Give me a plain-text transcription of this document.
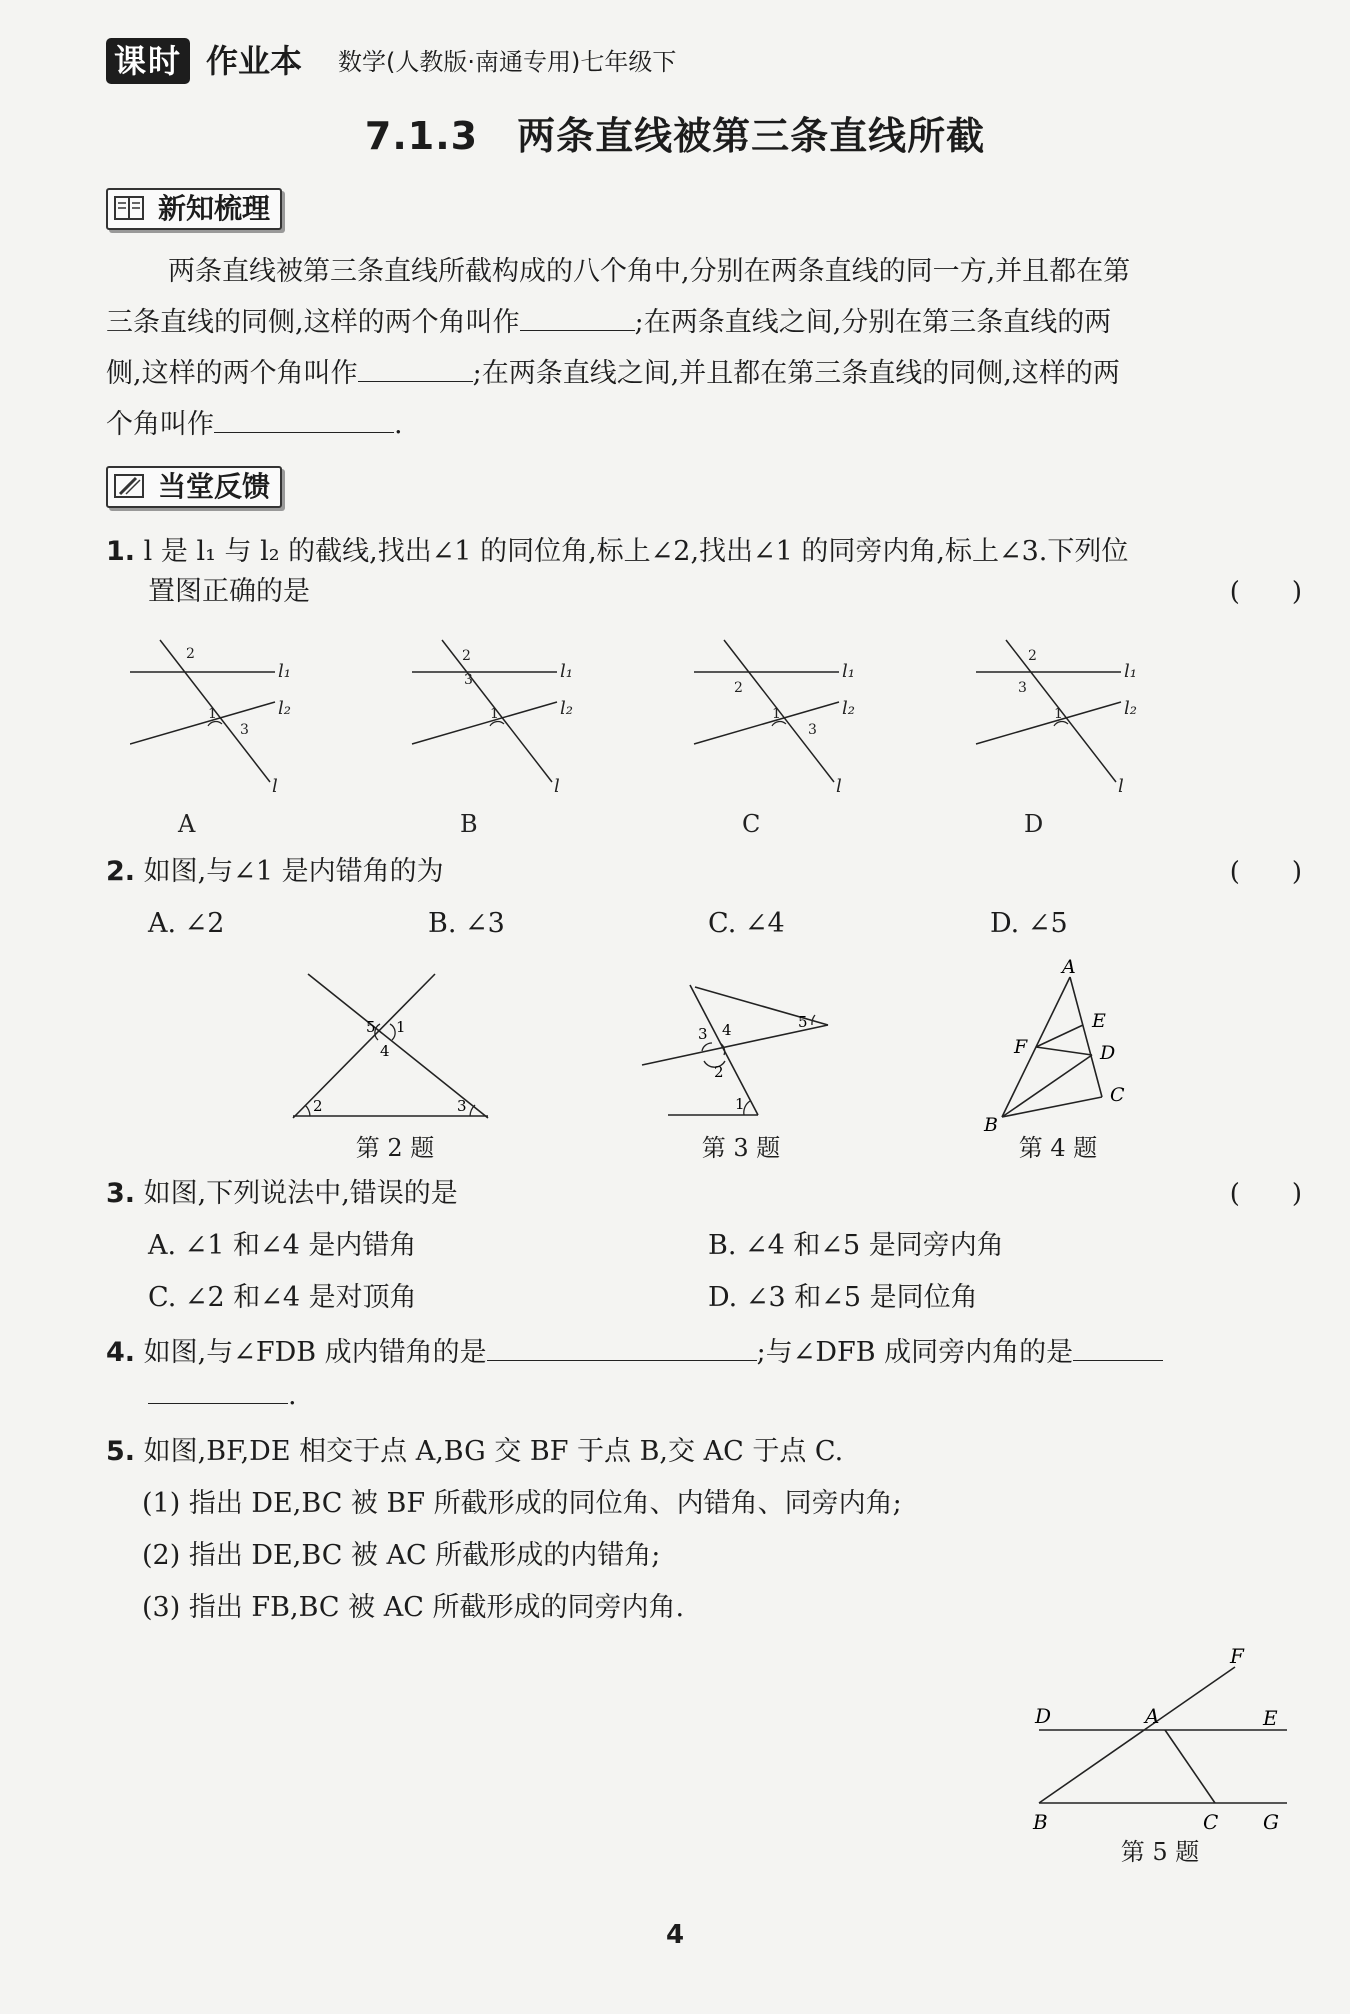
课时 作业本 数学(人教版·南通专用)七年级下
7.1.3　两条直线被第三条直线所截
新知梳理
两条直线被第三条直线所截构成的八个角中,分别在两条直线的同一方,并且都在第
三条直线的同侧,这样的两个角叫作	;在两条直线之间,分别在第三条直线的两
侧,这样的两个角叫作	;在两条直线之间,并且都在第三条直线的同侧,这样的两
个角叫作	.
当堂反馈
1. l 是 l₁ 与 l₂ 的截线,找出∠1 的同位角,标上∠2,找出∠1 的同旁内角,标上∠3.下列位
置图正确的是	(　　)
l₁
l₂
l
1
2
3
A
l₁
l₂
l
1
2
3
B
l₁
l₂
l
1
2
3
C
l₁
l₂
l
1
2
3
D
2. 如图,与∠1 是内错角的为	(　　)
A. ∠2	B. ∠3	C. ∠4	D. ∠5
5 1
4
2	3
第 2 题
3 4	5
2
1
第 3 题
A
E
F	D
C
B
第 4 题
3. 如图,下列说法中,错误的是	(　　)
A. ∠1 和∠4 是内错角	B. ∠4 和∠5 是同旁内角
C. ∠2 和∠4 是对顶角	D. ∠3 和∠5 是同位角
4. 如图,与∠FDB 成内错角的是	;与∠DFB 成同旁内角的是
.
5. 如图,BF,DE 相交于点 A,BG 交 BF 于点 B,交 AC 于点 C.
(1) 指出 DE,BC 被 BF 所截形成的同位角、内错角、同旁内角;
(2) 指出 DE,BC 被 AC 所截形成的内错角;
(3) 指出 FB,BC 被 AC 所截形成的同旁内角.
F
D	A	E
B	C G
第 5 题
4
